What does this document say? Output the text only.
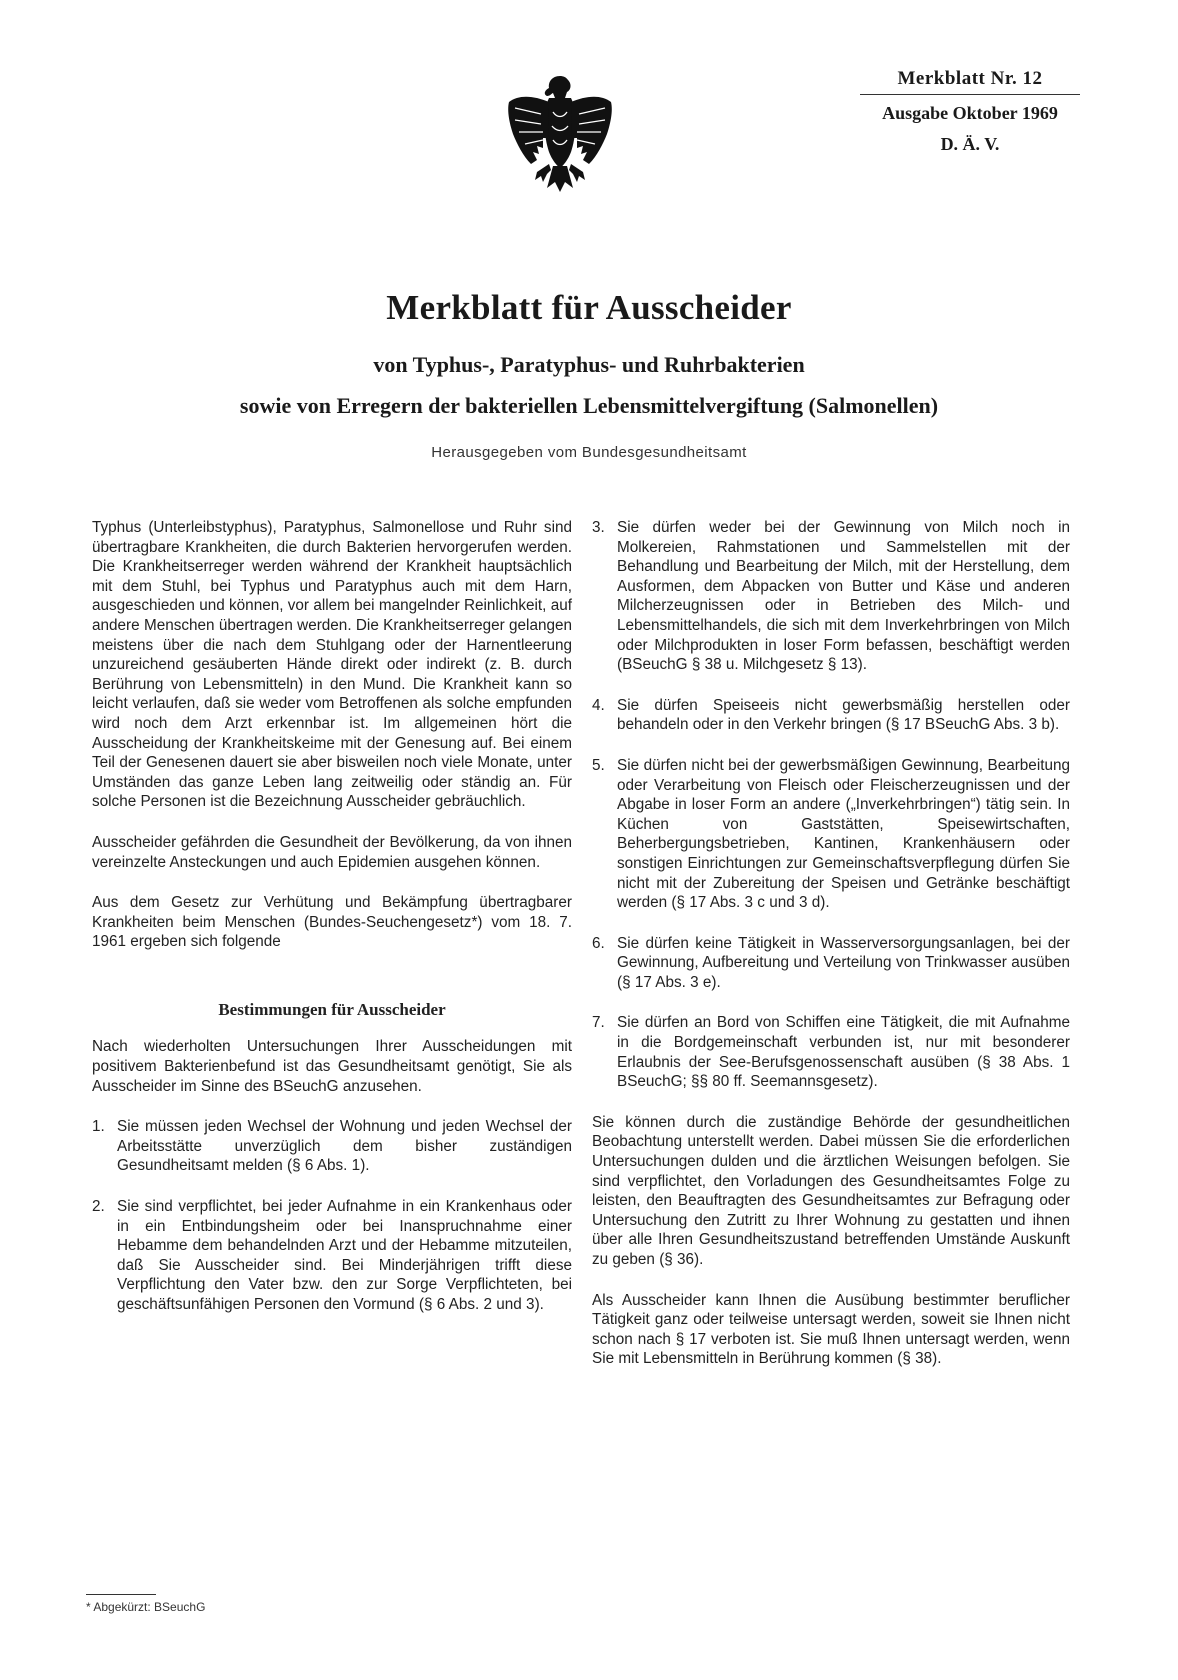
Merkblatt Nr. 12
Ausgabe Oktober 1969
D. Ä. V.
Merkblatt für Ausscheider
von Typhus-, Paratyphus- und Ruhrbakterien
sowie von Erregern der bakteriellen Lebensmittelvergiftung (Salmonellen)
Herausgegeben vom Bundesgesundheitsamt

Typhus (Unterleibstyphus), Paratyphus, Salmonellose und Ruhr sind übertragbare Krankheiten, die durch Bakterien hervorgerufen werden. Die Krankheitserreger werden während der Krankheit hauptsächlich mit dem Stuhl, bei Typhus und Paratyphus auch mit dem Harn, ausgeschieden und können, vor allem bei mangelnder Reinlichkeit, auf andere Menschen übertragen werden. Die Krankheitserreger gelangen meistens über die nach dem Stuhlgang oder der Harnentleerung unzureichend gesäuberten Hände direkt oder indirekt (z. B. durch Berührung von Lebensmitteln) in den Mund. Die Krankheit kann so leicht verlaufen, daß sie weder vom Betroffenen als solche empfunden wird noch dem Arzt erkennbar ist. Im allgemeinen hört die Ausscheidung der Krankheitskeime mit der Genesung auf. Bei einem Teil der Genesenen dauert sie aber bisweilen noch viele Monate, unter Umständen das ganze Leben lang zeitweilig oder ständig an. Für solche Personen ist die Bezeichnung Ausscheider gebräuchlich.

Ausscheider gefährden die Gesundheit der Bevölkerung, da von ihnen vereinzelte Ansteckungen und auch Epidemien ausgehen können.

Aus dem Gesetz zur Verhütung und Bekämpfung übertragbarer Krankheiten beim Menschen (Bundes-Seuchengesetz*) vom 18. 7. 1961 ergeben sich folgende

Bestimmungen für Ausscheider

Nach wiederholten Untersuchungen Ihrer Ausscheidungen mit positivem Bakterienbefund ist das Gesundheitsamt genötigt, Sie als Ausscheider im Sinne des BSeuchG anzusehen.

1. Sie müssen jeden Wechsel der Wohnung und jeden Wechsel der Arbeitsstätte unverzüglich dem bisher zuständigen Gesundheitsamt melden (§ 6 Abs. 1).
2. Sie sind verpflichtet, bei jeder Aufnahme in ein Krankenhaus oder in ein Entbindungsheim oder bei Inanspruchnahme einer Hebamme dem behandelnden Arzt und der Hebamme mitzuteilen, daß Sie Ausscheider sind. Bei Minderjährigen trifft diese Verpflichtung den Vater bzw. den zur Sorge Verpflichteten, bei geschäftsunfähigen Personen den Vormund (§ 6 Abs. 2 und 3).
3. Sie dürfen weder bei der Gewinnung von Milch noch in Molkereien, Rahmstationen und Sammelstellen mit der Behandlung und Bearbeitung der Milch, mit der Herstellung, dem Ausformen, dem Abpacken von Butter und Käse und anderen Milcherzeugnissen oder in Betrieben des Milch- und Lebensmittelhandels, die sich mit dem Inverkehrbringen von Milch oder Milchprodukten in loser Form befassen, beschäftigt werden (BSeuchG § 38 u. Milchgesetz § 13).
4. Sie dürfen Speiseeis nicht gewerbsmäßig herstellen oder behandeln oder in den Verkehr bringen (§ 17 BSeuchG Abs. 3 b).
5. Sie dürfen nicht bei der gewerbsmäßigen Gewinnung, Bearbeitung oder Verarbeitung von Fleisch oder Fleischerzeugnissen und der Abgabe in loser Form an andere („Inverkehrbringen“) tätig sein. In Küchen von Gaststätten, Speisewirtschaften, Beherbergungsbetrieben, Kantinen, Krankenhäusern oder sonstigen Einrichtungen zur Gemeinschaftsverpflegung dürfen Sie nicht mit der Zubereitung der Speisen und Getränke beschäftigt werden (§ 17 Abs. 3 c und 3 d).
6. Sie dürfen keine Tätigkeit in Wasserversorgungsanlagen, bei der Gewinnung, Aufbereitung und Verteilung von Trinkwasser ausüben (§ 17 Abs. 3 e).
7. Sie dürfen an Bord von Schiffen eine Tätigkeit, die mit Aufnahme in die Bordgemeinschaft verbunden ist, nur mit besonderer Erlaubnis der See-Berufsgenossenschaft ausüben (§ 38 Abs. 1 BSeuchG; §§ 80 ff. Seemannsgesetz).

Sie können durch die zuständige Behörde der gesundheitlichen Beobachtung unterstellt werden. Dabei müssen Sie die erforderlichen Untersuchungen dulden und die ärztlichen Weisungen befolgen. Sie sind verpflichtet, den Vorladungen des Gesundheitsamtes Folge zu leisten, den Beauftragten des Gesundheitsamtes zur Befragung oder Untersuchung den Zutritt zu Ihrer Wohnung zu gestatten und ihnen über alle Ihren Gesundheitszustand betreffenden Umstände Auskunft zu geben (§ 36).

Als Ausscheider kann Ihnen die Ausübung bestimmter beruflicher Tätigkeit ganz oder teilweise untersagt werden, soweit sie Ihnen nicht schon nach § 17 verboten ist. Sie muß Ihnen untersagt werden, wenn Sie mit Lebensmitteln in Berührung kommen (§ 38).

* Abgekürzt: BSeuchG
